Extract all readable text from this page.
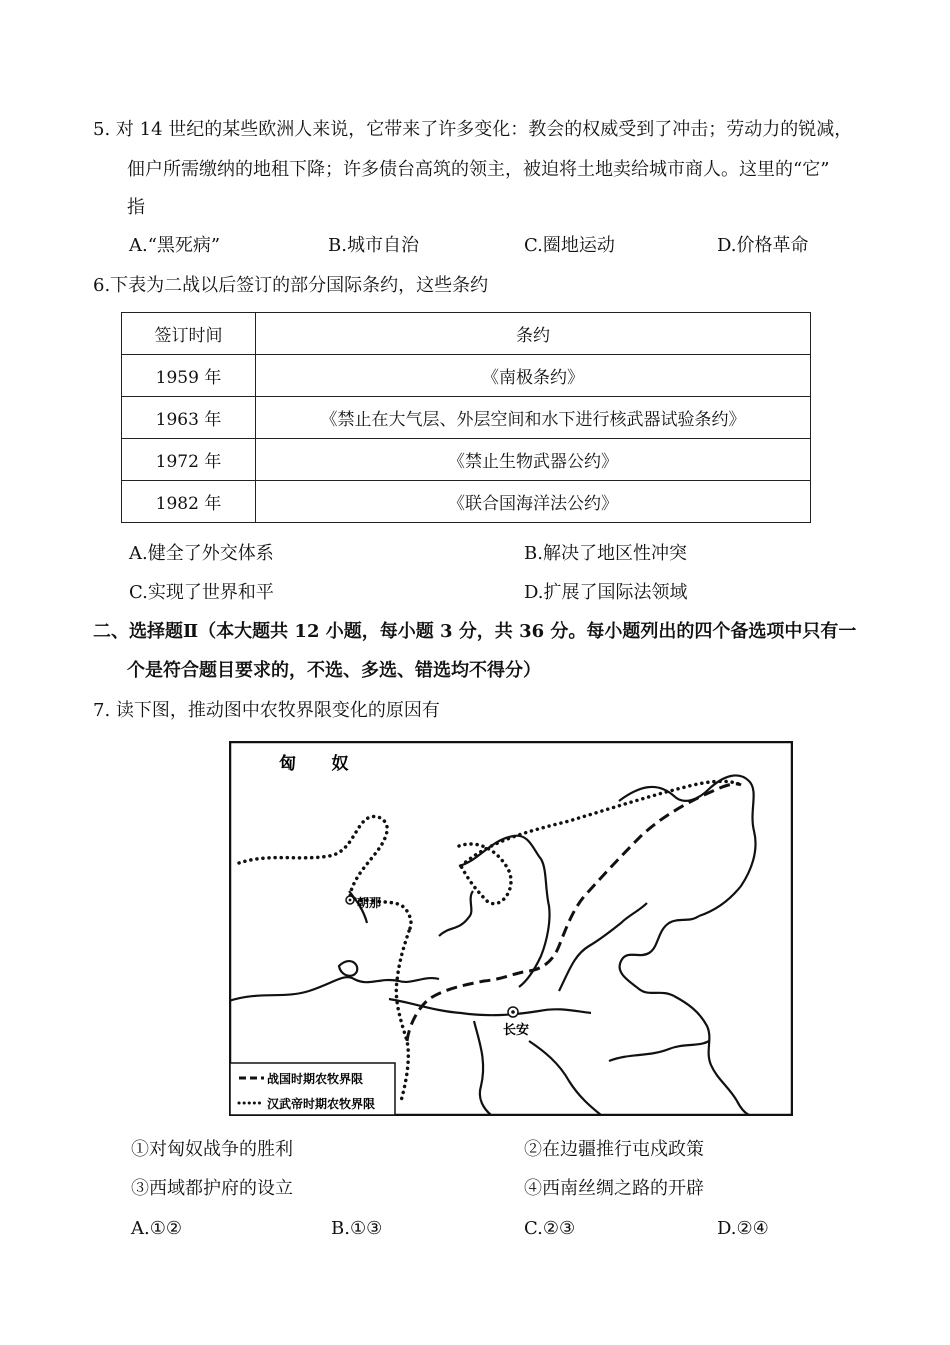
5. 对 14 世纪的某些欧洲人来说，它带来了许多变化：教会的权威受到了冲击；劳动力的锐减，
佃户所需缴纳的地租下降；许多债台高筑的领主，被迫将土地卖给城市商人。这里的“它”
指
A.“黑死病”	B.城市自治	C.圈地运动	D.价格革命
6.下表为二战以后签订的部分国际条约，这些条约
签订时间	条约
1959 年	《南极条约》
1963 年	《禁止在大气层、外层空间和水下进行核武器试验条约》
1972 年	《禁止生物武器公约》
1982 年	《联合国海洋法公约》
A.健全了外交体系	B.解决了地区性冲突
C.实现了世界和平	D.扩展了国际法领域
二、选择题Ⅱ（本大题共 12 小题，每小题 3 分，共 36 分。每小题列出的四个备选项中只有一
个是符合题目要求的，不选、多选、错选均不得分）
7. 读下图，推动图中农牧界限变化的原因有
匈      奴
朝那
长安
战国时期农牧界限
汉武帝时期农牧界限
①对匈奴战争的胜利	②在边疆推行屯戍政策
③西域都护府的设立	④西南丝绸之路的开辟
A.①②	B.①③	C.②③	D.②④
